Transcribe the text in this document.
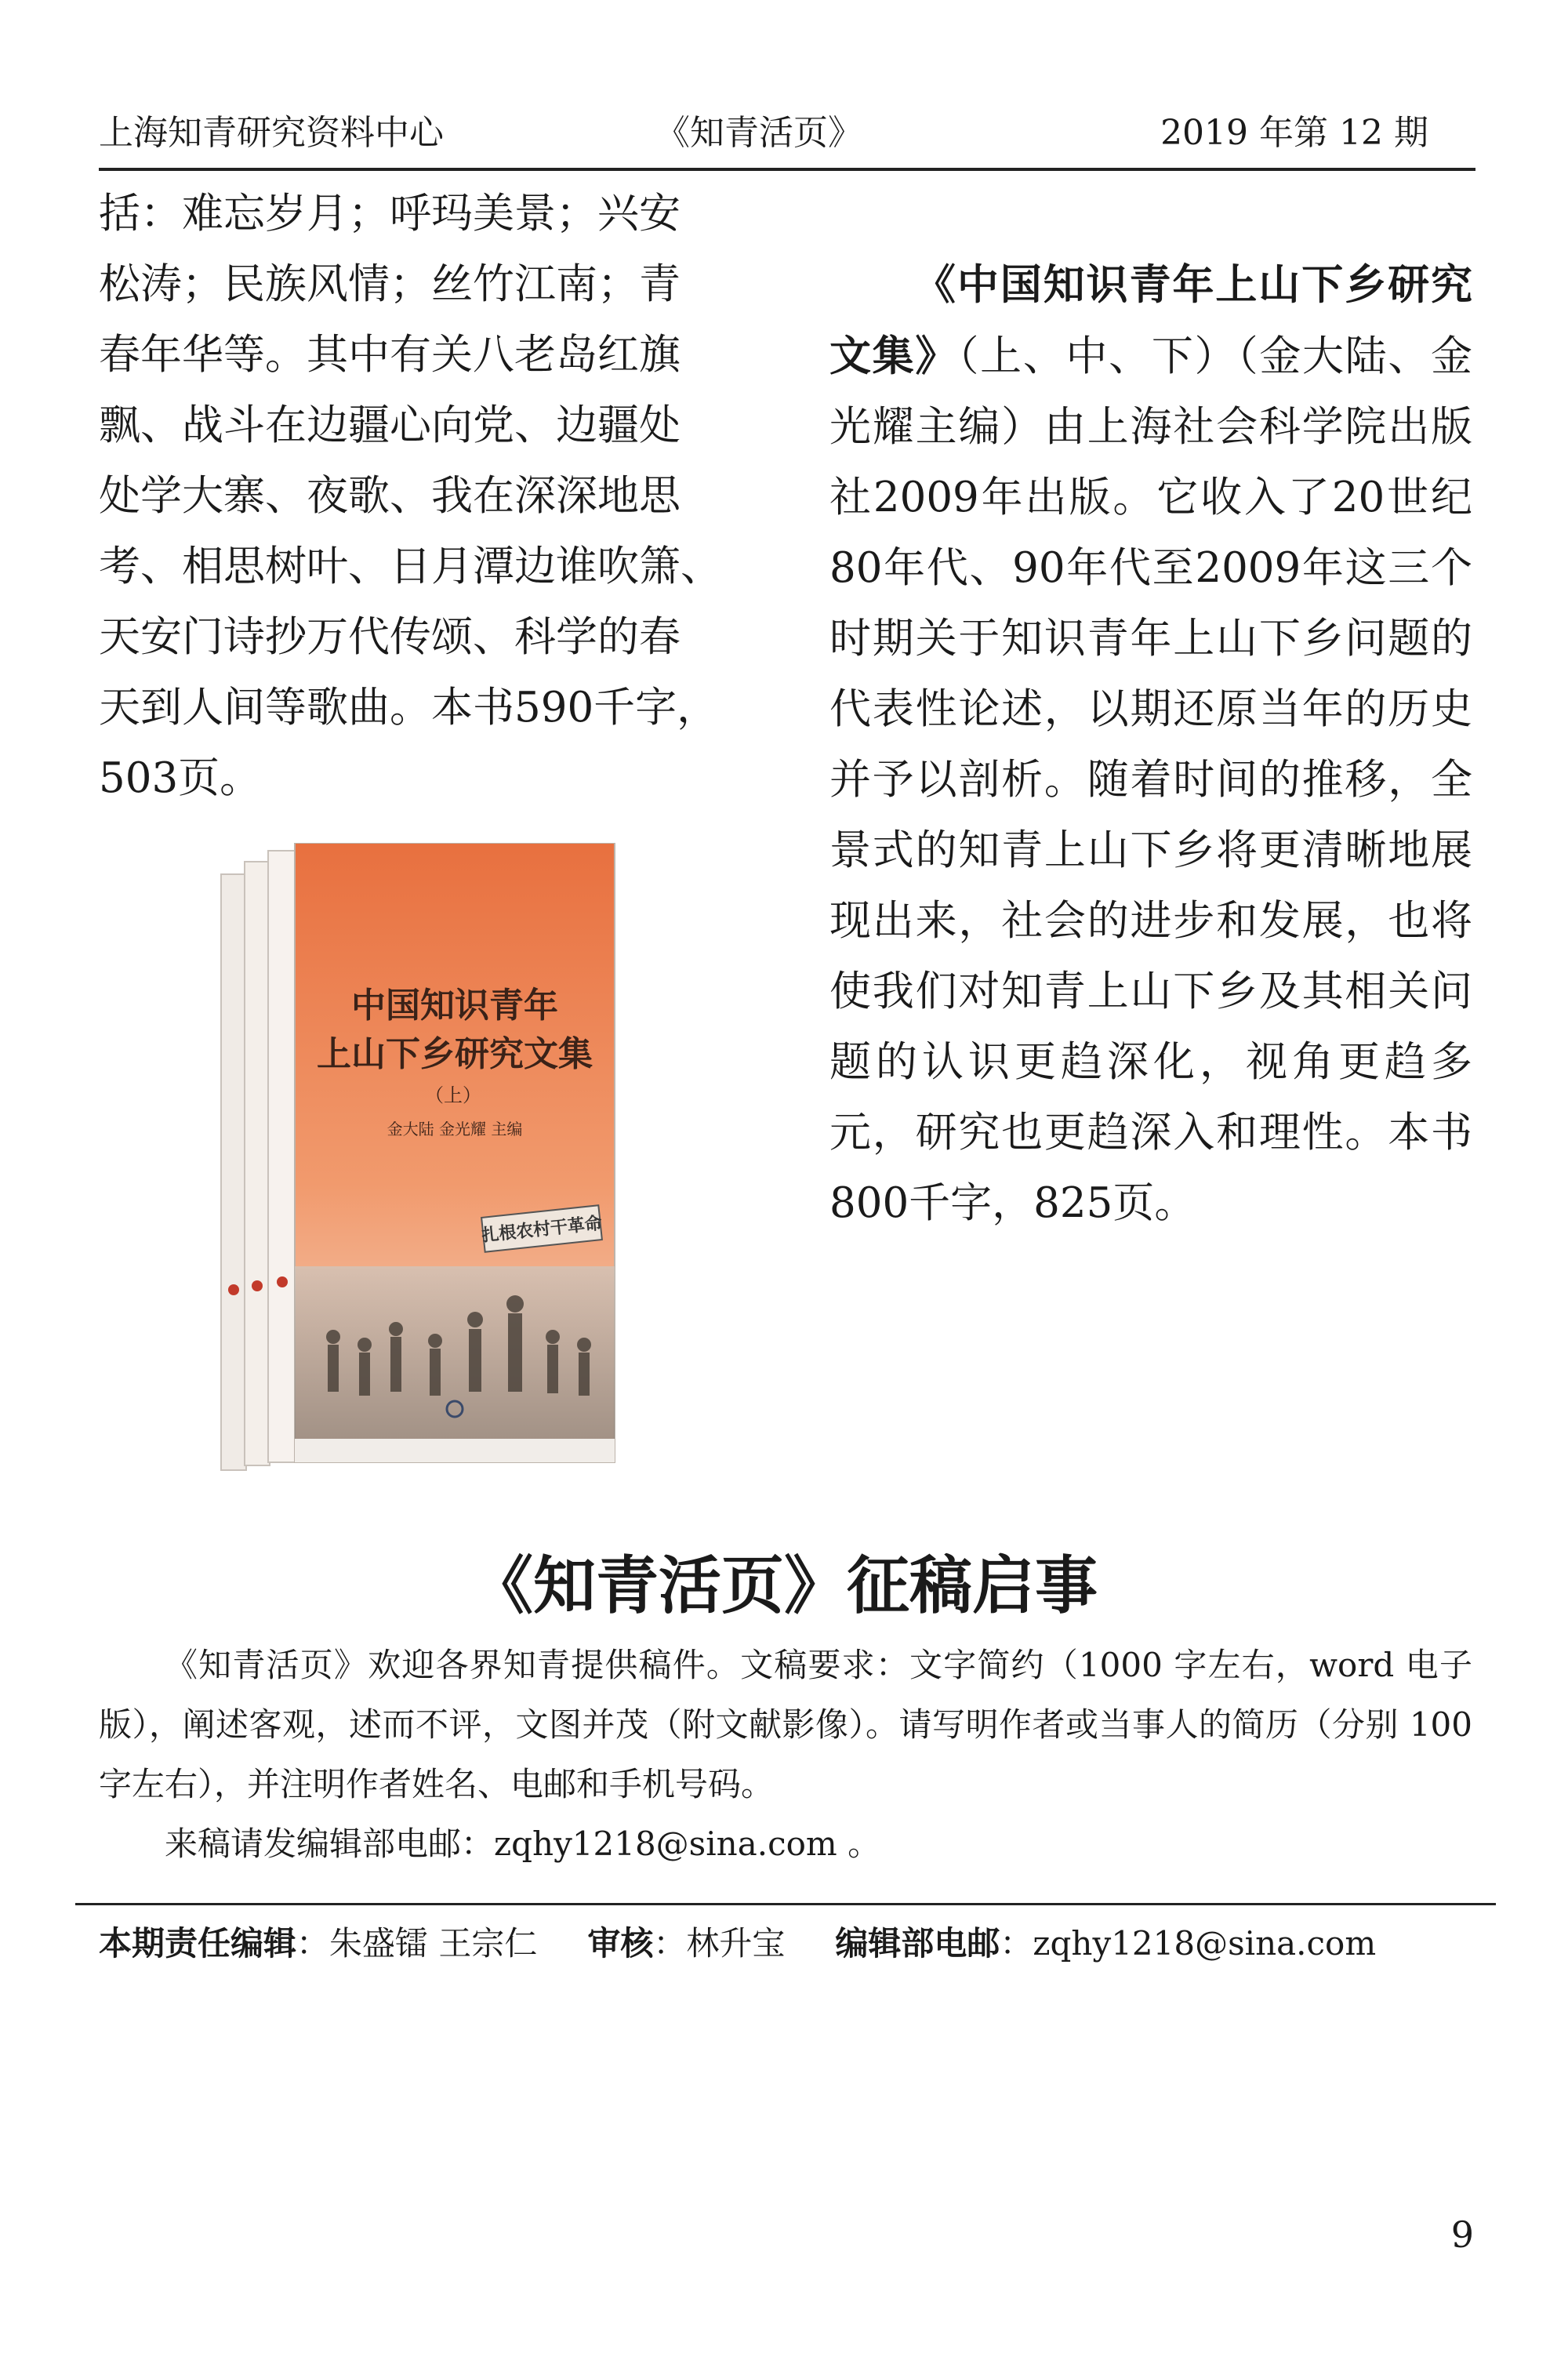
上海知青研究资料中心	《知青活页》	2019 年第 12 期

括：难忘岁月；呼玛美景；兴安

松涛；民族风情；丝竹江南；青

春年华等。其中有关八老岛红旗

飘、战斗在边疆心向党、边疆处

处学大寨、夜歌、我在深深地思

考、相思树叶、日月潭边谁吹箫、

天安门诗抄万代传颂、科学的春

天到人间等歌曲。本书590千字，

503页。

《中国知识青年上山下乡研究文集》（上、中、下）（金大陆、金光耀主编）由上海社会科学院出版社2009年出版。它收入了20世纪80年代、90年代至2009年这三个时期关于知识青年上山下乡问题的代表性论述，以期还原当年的历史并予以剖析。随着时间的推移，全景式的知青上山下乡将更清晰地展现出来，社会的进步和发展，也将使我们对知青上山下乡及其相关问题的认识更趋深化，视角更趋多元，研究也更趋深入和理性。本书800千字，825页。

扎根农村干革命
中国知识青年
上山下乡研究文集
（上）
金大陆 金光耀 主编
《知青活页》征稿启事

《知青活页》欢迎各界知青提供稿件。文稿要求：文字简约（1000 字左右，word 电子版），阐述客观，述而不评，文图并茂（附文献影像）。请写明作者或当事人的简历（分别 100 字左右），并注明作者姓名、电邮和手机号码。

来稿请发编辑部电邮：zqhy1218@sina.com 。

本期责任编辑：朱盛镭 王宗仁 审核：林升宝 编辑部电邮：zqhy1218@sina.com
9
